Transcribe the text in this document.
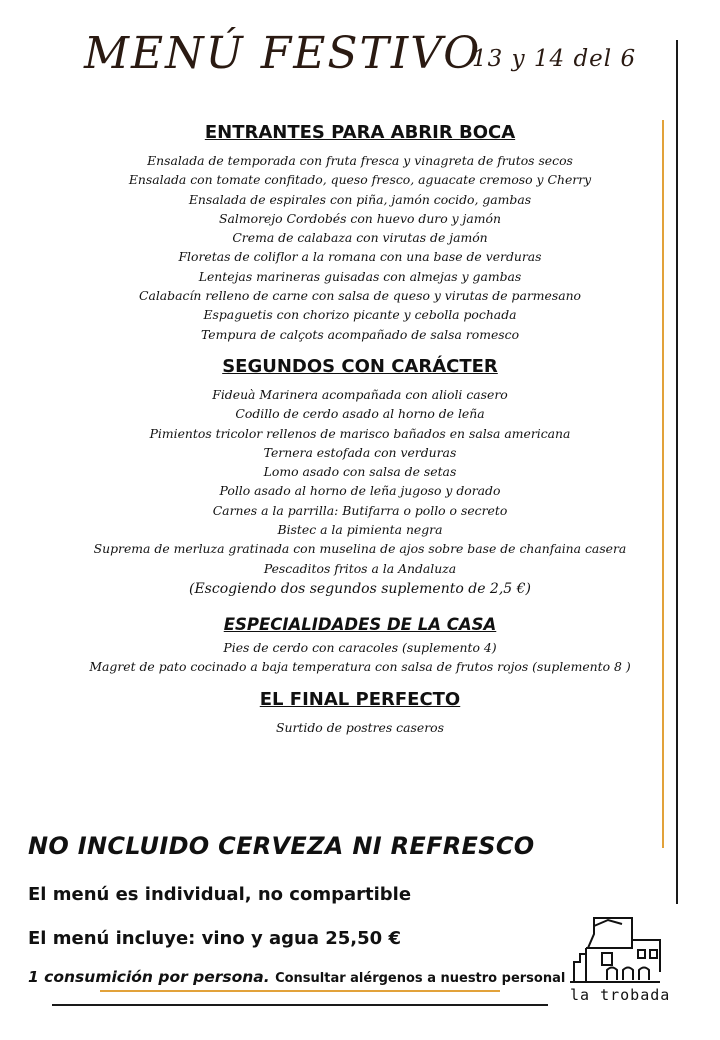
MENÚ FESTIVO
13 y 14 del 6
ENTRANTES PARA ABRIR BOCA
Ensalada de temporada con fruta fresca y vinagreta de frutos secos
Ensalada con tomate confitado, queso fresco, aguacate cremoso y Cherry
Ensalada de espirales con piña, jamón cocido, gambas
Salmorejo Cordobés con huevo duro y jamón
Crema de calabaza con virutas de jamón
Floretas de coliflor a la romana con una base de verduras
Lentejas marineras guisadas con almejas y gambas
Calabacín relleno de carne con salsa de queso y virutas de parmesano
Espaguetis con chorizo picante y cebolla pochada
Tempura de calçots acompañado de salsa romesco
SEGUNDOS CON CARÁCTER
Fideuà Marinera acompañada con alioli casero
Codillo de cerdo asado al horno de leña
Pimientos tricolor rellenos de marisco bañados en salsa americana
Ternera estofada con verduras
Lomo asado con salsa de setas
Pollo asado al horno de leña jugoso y dorado
Carnes a la parrilla: Butifarra o pollo o secreto
Bistec a la pimienta negra
Suprema de merluza gratinada con muselina de ajos sobre base de chanfaina casera
Pescaditos fritos a la Andaluza
(Escogiendo dos segundos suplemento de 2,5 €)
ESPECIALIDADES DE LA CASA
Pies de cerdo con caracoles (suplemento 4)
Magret de pato cocinado a baja temperatura con salsa de frutos rojos (suplemento 8 )
EL FINAL PERFECTO
Surtido de postres caseros
NO INCLUIDO CERVEZA NI REFRESCO
El menú es individual, no compartible
El menú incluye: vino y agua 25,50 €
1 consumición por persona. Consultar alérgenos a nuestro personal
la trobada
